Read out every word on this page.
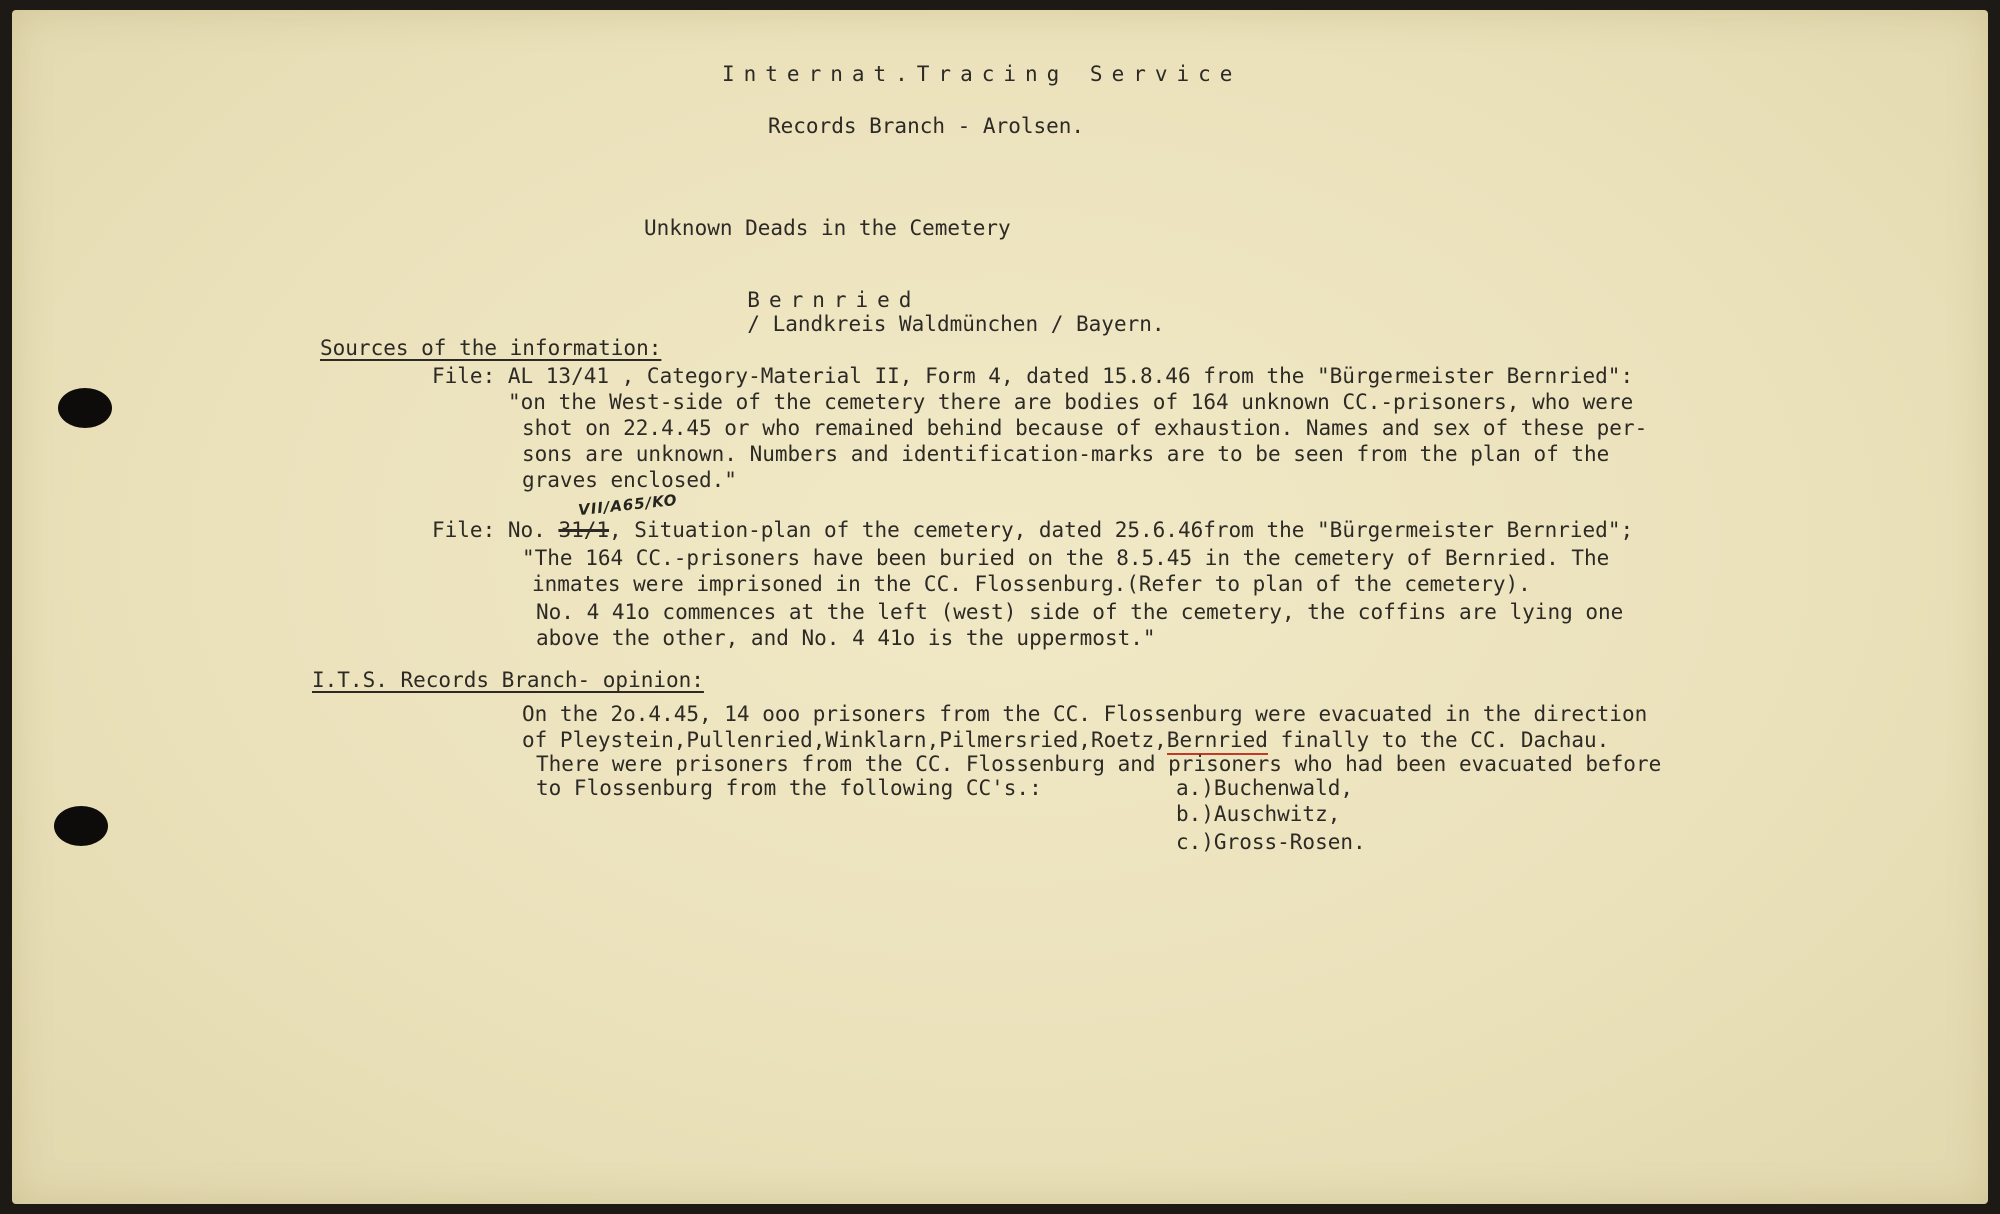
Internat.Tracing Service
Records Branch - Arolsen.
Unknown Deads in the Cemetery

Bernried
/ Landkreis Waldmünchen / Bayern.

Sources of the information:
File: AL 13/41 , Category-Material II, Form 4, dated 15.8.46 from the "Bürgermeister Bernried":
"on the West-side of the cemetery there are bodies of 164 unknown CC.-prisoners, who were
shot on 22.4.45 or who remained behind because of exhaustion. Names and sex of these per-
sons are unknown. Numbers and identification-marks are to be seen from the plan of the
graves enclosed."
VII/A65/KO
File: No. 31/1, Situation-plan of the cemetery, dated 25.6.46from the "Bürgermeister Bernried";
"The 164 CC.-prisoners have been buried on the 8.5.45 in the cemetery of Bernried. The
inmates were imprisoned in the CC. Flossenburg.(Refer to plan of the cemetery).
No. 4 41o commences at the left (west) side of the cemetery, the coffins are lying one
above the other, and No. 4 41o is the uppermost."
I.T.S. Records Branch- opinion:
On the 2o.4.45, 14 ooo prisoners from the CC. Flossenburg were evacuated in the direction
of Pleystein,Pullenried,Winklarn,Pilmersried,Roetz,Bernried finally to the CC. Dachau.
There were prisoners from the CC. Flossenburg and prisoners who had been evacuated before
to Flossenburg from the following CC's.:	a.)Buchenwald,
b.)Auschwitz,
c.)Gross-Rosen.
